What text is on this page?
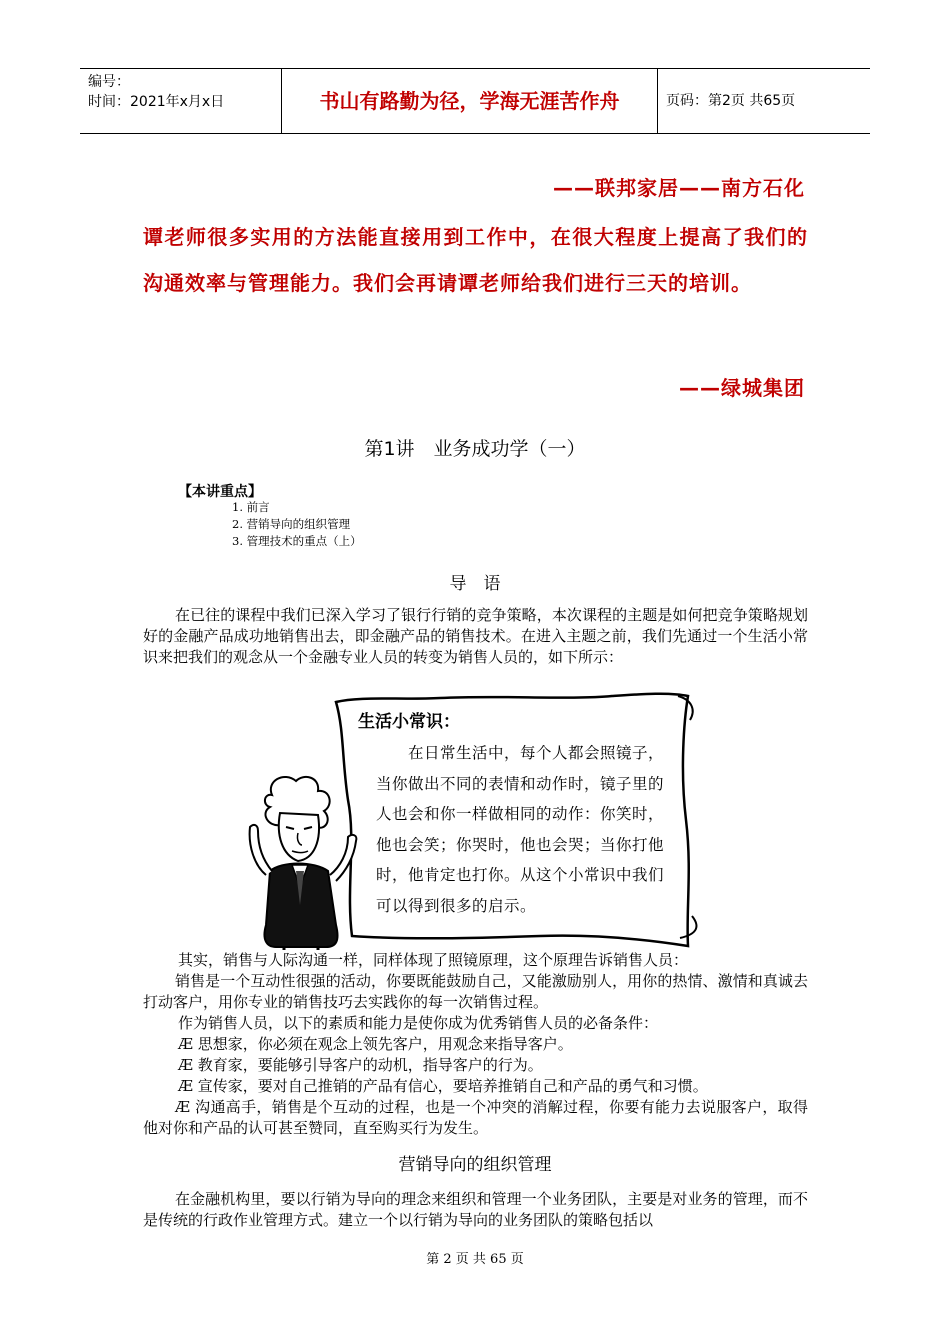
编号：
时间：2021年x月x日	书山有路勤为径，学海无涯苦作舟	页码：第2页 共65页
——联邦家居——南方石化
谭老师很多实用的方法能直接用到工作中，在很大程度上提高了我们的沟通效率与管理能力。我们会再请谭老师给我们进行三天的培训。
——绿城集团
第1讲　业务成功学（一）
【本讲重点】
1. 前言
2. 营销导向的组织管理
3. 管理技术的重点（上）
导　语

在已往的课程中我们已深入学习了银行行销的竞争策略，本次课程的主题是如何把竞争策略规划好的金融产品成功地销售出去，即金融产品的销售技术。在进入主题之前，我们先通过一个生活小常识来把我们的观念从一个金融专业人员的转变为销售人员的，如下所示：

生活小常识：

在日常生活中，每个人都会照镜子，当你做出不同的表情和动作时，镜子里的人也会和你一样做相同的动作：你笑时，他也会笑；你哭时，他也会哭；当你打他时，他肯定也打你。从这个小常识中我们可以得到很多的启示。

其实，销售与人际沟通一样，同样体现了照镜原理，这个原理告诉销售人员：

销售是一个互动性很强的活动，你要既能鼓励自己，又能激励别人，用你的热情、激情和真诚去打动客户，用你专业的销售技巧去实践你的每一次销售过程。

作为销售人员，以下的素质和能力是使你成为优秀销售人员的必备条件：
Æ 思想家，你必须在观念上领先客户，用观念来指导客户。
Æ 教育家，要能够引导客户的动机，指导客户的行为。
Æ 宣传家，要对自己推销的产品有信心，要培养推销自己和产品的勇气和习惯。

Æ 沟通高手，销售是个互动的过程，也是一个冲突的消解过程，你要有能力去说服客户，取得他对你和产品的认可甚至赞同，直至购买行为发生。

营销导向的组织管理

在金融机构里，要以行销为导向的理念来组织和管理一个业务团队，主要是对业务的管理，而不是传统的行政作业管理方式。建立一个以行销为导向的业务团队的策略包括以

第 2 页 共 65 页
